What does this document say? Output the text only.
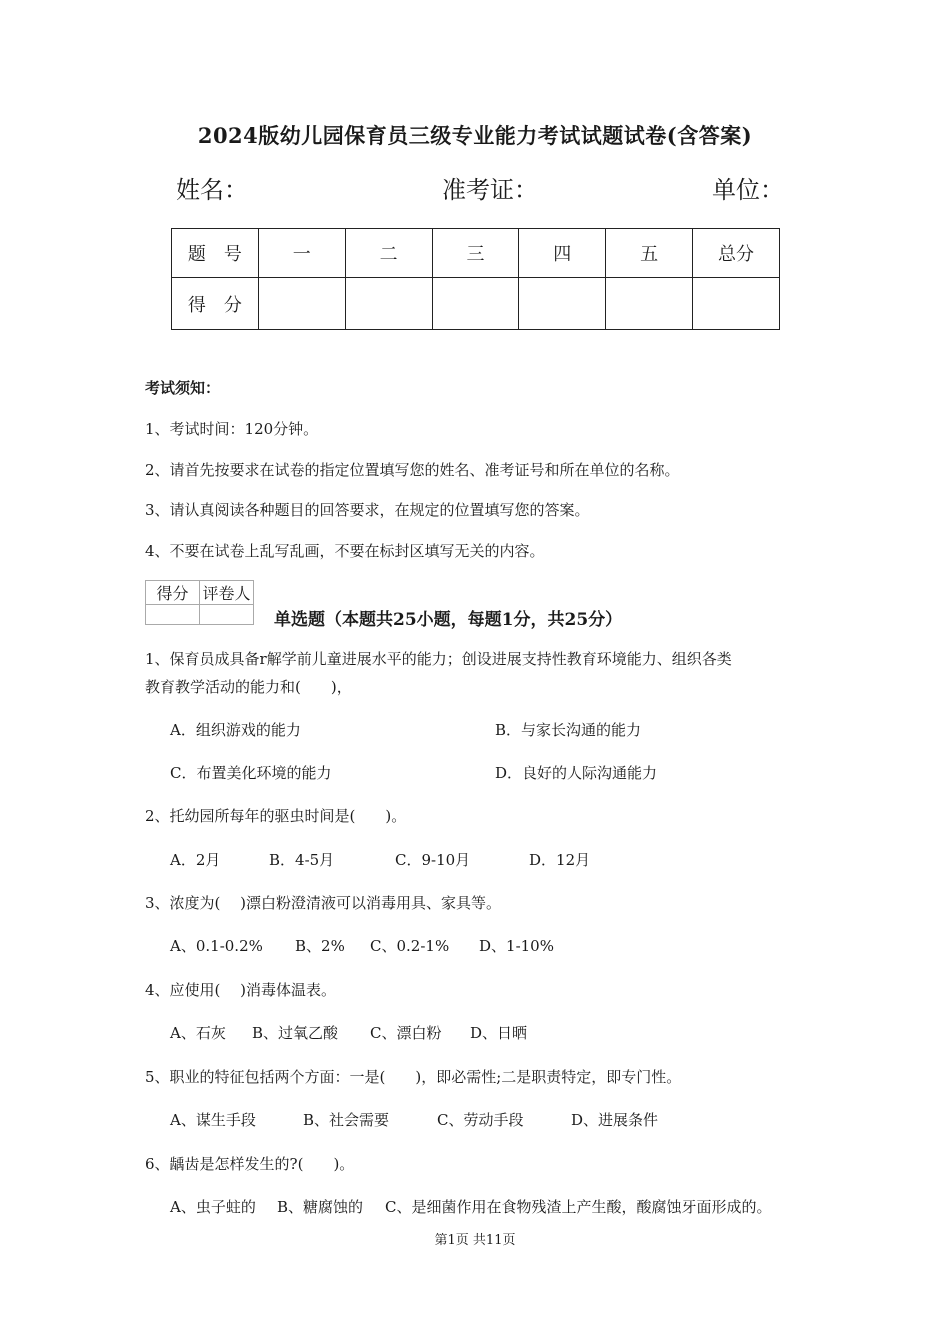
2024版幼儿园保育员三级专业能力考试试题试卷(含答案)
姓名：	准考证：	单位：
题　号	一	二	三	四	五	总分
得　分						
考试须知：
1、考试时间：120分钟。
2、请首先按要求在试卷的指定位置填写您的姓名、准考证号和所在单位的名称。
3、请认真阅读各种题目的回答要求，在规定的位置填写您的答案。
4、不要在试卷上乱写乱画，不要在标封区填写无关的内容。
得分	评卷人

单选题（本题共25小题，每题1分，共25分）
1、保育员成具备r解学前儿童进展水平的能力；创设进展支持性教育环境能力、组织各类
教育教学活动的能力和(　　)，
A．组织游戏的能力	B．与家长沟通的能力
C．布置美化环境的能力	D．良好的人际沟通能力
2、托幼园所每年的驱虫时间是(　　)。
A．2月	B．4-5月	C．9-10月	D．12月
3、浓度为(　 )漂白粉澄清液可以消毒用具、家具等。
A、0.1-0.2% B、2% C、0.2-1% D、1-10%
4、应使用(　 )消毒体温表。
A、石灰 B、过氧乙酸 C、漂白粉 D、日晒
5、职业的特征包括两个方面：一是(　　)，即必需性;二是职责特定，即专门性。
A、谋生手段	B、社会需要	C、劳动手段	D、进展条件
6、龋齿是怎样发生的?(　　)。
A、虫子蛀的 B、糖腐蚀的 C、是细菌作用在食物残渣上产生酸，酸腐蚀牙面形成的。
第1页 共11页
